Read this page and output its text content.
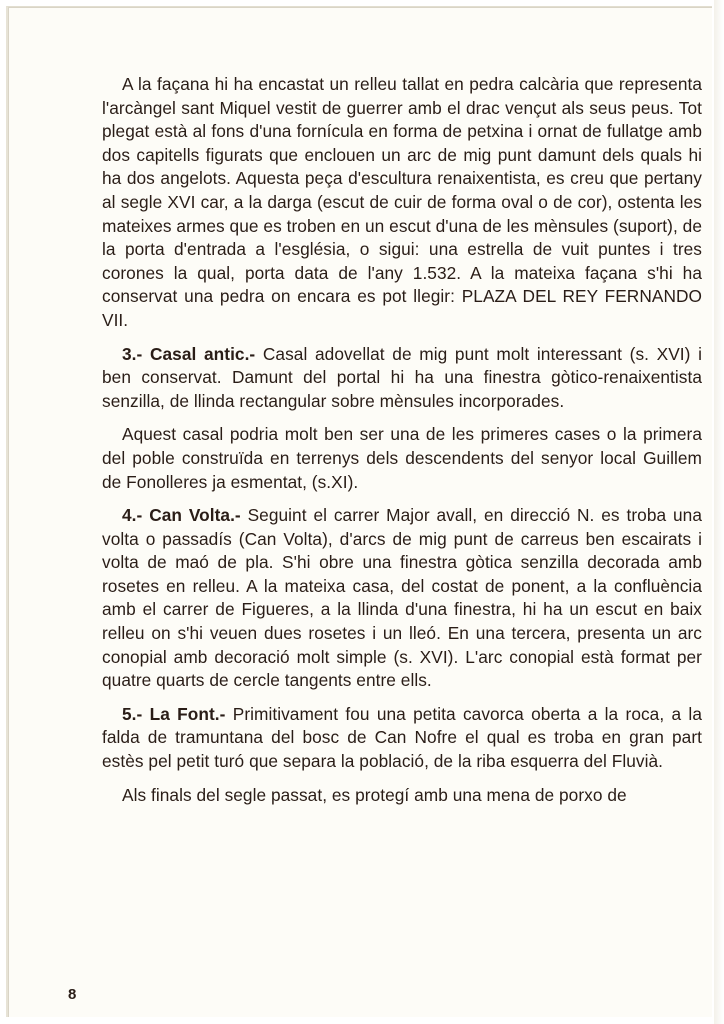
A la façana hi ha encastat un relleu tallat en pedra calcària que representa l'arcàngel sant Miquel vestit de guerrer amb el drac vençut als seus peus. Tot plegat està al fons d'una fornícula en forma de petxina i ornat de fullatge amb dos capitells figurats que enclouen un arc de mig punt damunt dels quals hi ha dos angelots. Aquesta peça d'escultura renaixentista, es creu que pertany al segle XVI car, a la darga (escut de cuir de forma oval o de cor), ostenta les mateixes armes que es troben en un escut d'una de les mènsules (suport), de la porta d'entrada a l'església, o sigui: una estrella de vuit puntes i tres corones la qual, porta data de l'any 1.532. A la mateixa façana s'hi ha conservat una pedra on encara es pot llegir: PLAZA DEL REY FERNANDO VII.

3.- Casal antic.- Casal adovellat de mig punt molt interessant (s. XVI) i ben conservat. Damunt del portal hi ha una finestra gòtico-renaixentista senzilla, de llinda rectangular sobre mènsules incorporades.

Aquest casal podria molt ben ser una de les primeres cases o la primera del poble construïda en terrenys dels descendents del senyor local Guillem de Fonolleres ja esmentat, (s.XI).

4.- Can Volta.- Seguint el carrer Major avall, en direcció N. es troba una volta o passadís (Can Volta), d'arcs de mig punt de carreus ben escairats i volta de maó de pla. S'hi obre una finestra gòtica senzilla decorada amb rosetes en relleu. A la mateixa casa, del costat de ponent, a la confluència amb el carrer de Figueres, a la llinda d'una finestra, hi ha un escut en baix relleu on s'hi veuen dues rosetes i un lleó. En una tercera, presenta un arc conopial amb decoració molt simple (s. XVI). L'arc conopial està format per quatre quarts de cercle tangents entre ells.

5.- La Font.- Primitivament fou una petita cavorca oberta a la roca, a la falda de tramuntana del bosc de Can Nofre el qual es troba en gran part estès pel petit turó que separa la població, de la riba esquerra del Fluvià.

Als finals del segle passat, es protegí amb una mena de porxo de

8
